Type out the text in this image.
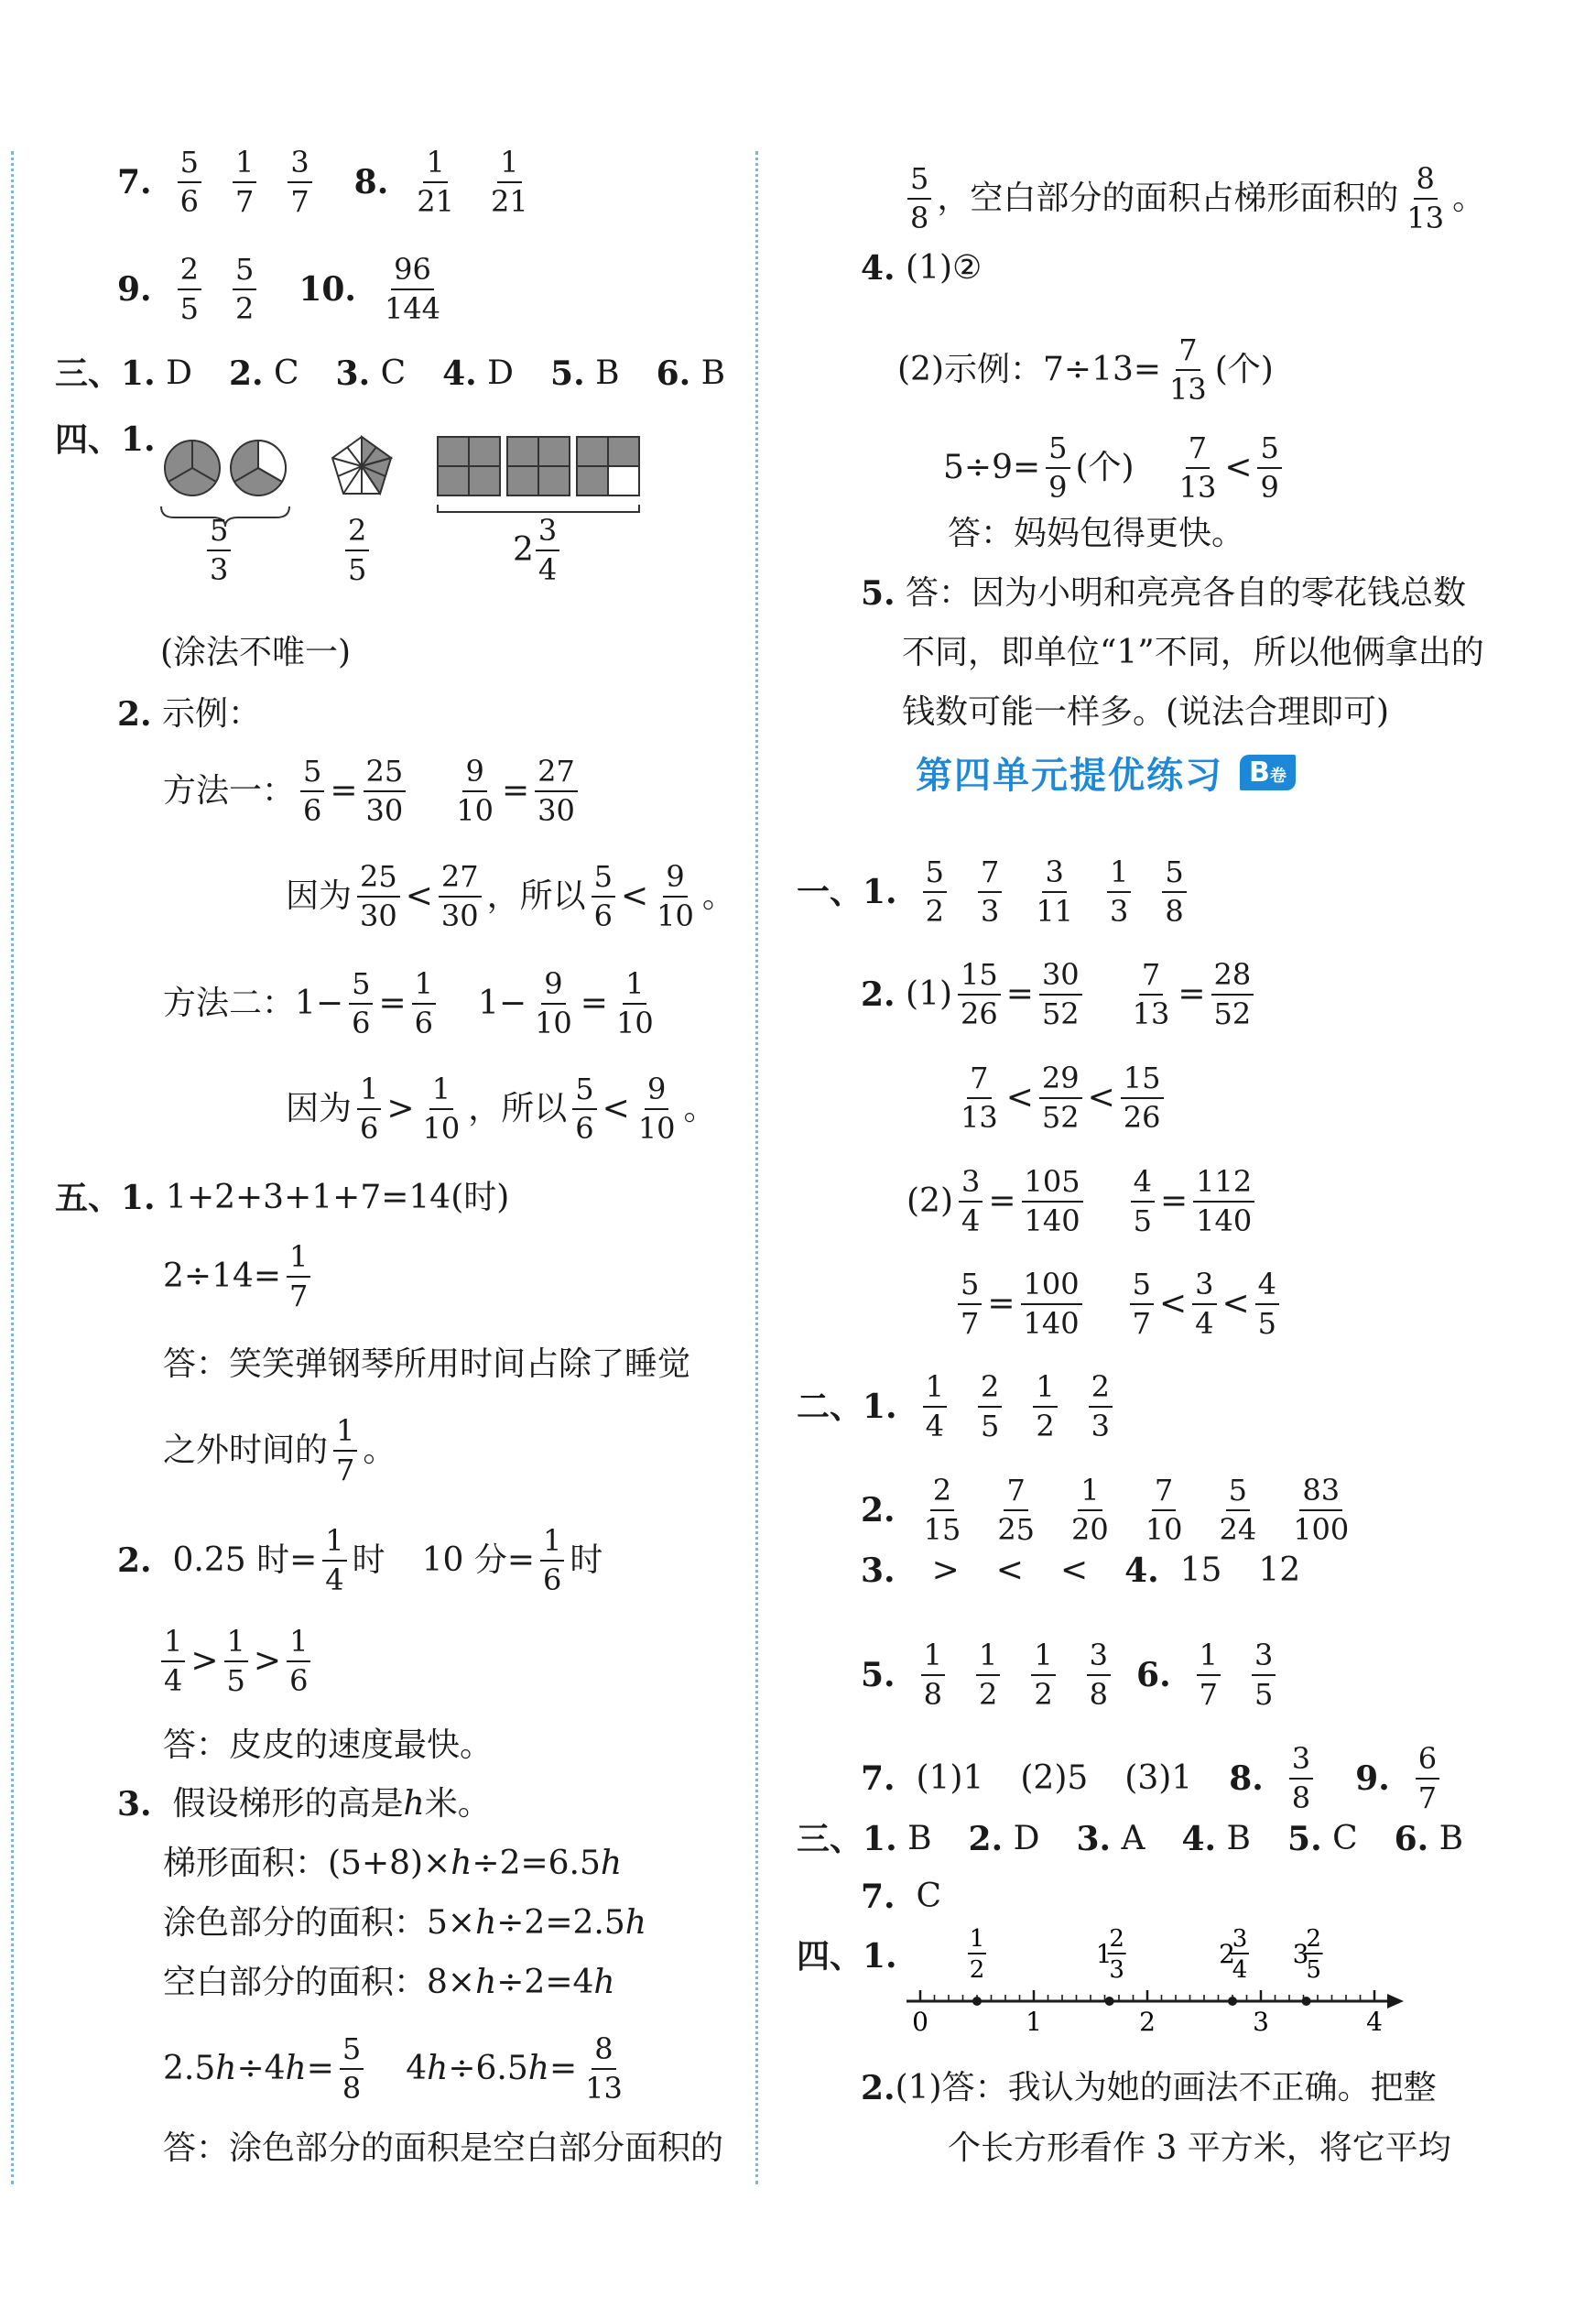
7.
5
6
1
7
3
7 8.
1
21
1
21
9.
2
5
5
2 10.
96
144
三、 1.
D 2.
C 3.
C 4.
D 5.
B 6.
B
四、1.
5
3
2
5
2
3
4
(涂法不唯一)
2.
示例：
方法一： $\frac{5}{6} = \frac{25}{30} \frac{9}{10} = \frac{27}{30}$
因为
25
30
<
27
30
，所以
5
6
<
9
10
。
方法二： $1- \frac{5}{6} = \frac{1}{6} 1- \frac{9}{10} = \frac{1}{10}$
因为
1
6
>
1
10
，所以
5
6
<
9
10
。
五、1.
1+2+3+1+7=14(时)
$2\div 14= \frac{1}{7}$
答：笑笑弹钢琴所用时间占除了睡觉
之外时间的
1
7
。
2.
0.25 时= $\frac{1}{4}$ 时 10 分= $\frac{1}{6}$ 时
1
4
>
1
5
>
1
6
答：皮皮的速度最快。
3.
假设梯形的高是 h 米。
梯形面积：(5+8)× h ÷2=6.5 h
涂色部分的面积：5× h ÷2=2.5 h
空白部分的面积：8× h ÷2=4 h
2.5 h ÷4 $h = \frac{5}{8} 4$ h ÷6.5 $h = \frac{8}{13}$
答：涂色部分的面积是空白部分面积的
5
8
，空白部分的面积占梯形面积的
8
13
。
4.
(1)②
(2)示例：$7\div 13= \frac{7}{13}$ (个)
$5\div 9= \frac{5}{9}$ (个)
7
13
<
5
9
答：妈妈包得更快。
5.
答：因为小明和亮亮各自的零花钱总数
不同，即单位“1”不同，所以他俩拿出的
钱数可能一样多。(说法合理即可)
第四单元提优练习 B卷
一、1.
5
2
7
3
3
11
1
3
5
8
2.
$(1) \frac{15}{26} = \frac{30}{52} \frac{7}{13} = \frac{28}{52}$
7
13
<
29
52
<
15
26
$(2) \frac{3}{4} = \frac{105}{140} \frac{4}{5} = \frac{112}{140}$
$\frac{5}{7} = \frac{100}{140} 5$
7
<
3
4
<
4
5
二、1.
1
4
2
5
1
2
2
3
2.
2
15
7
25
1
20
7
10
5
24
83
100
3. > < < 4.
15 12
5.
1
8
1
2
1
2
3
8 6.
1
7
3
5
7.
(1)1 (2)5 (3)1 8.
3
8 9.
6
7
三、 1.
B 2.
D 3.
A 4.
B 5.
C 6.
B
7.
C
四、1.
0	1	2	3	4
1
2
1
2
3
2
3
4
3
2
5
2. (1)答：我认为她的画法不正确。把整
个长方形看作 3 平方米，将它平均
